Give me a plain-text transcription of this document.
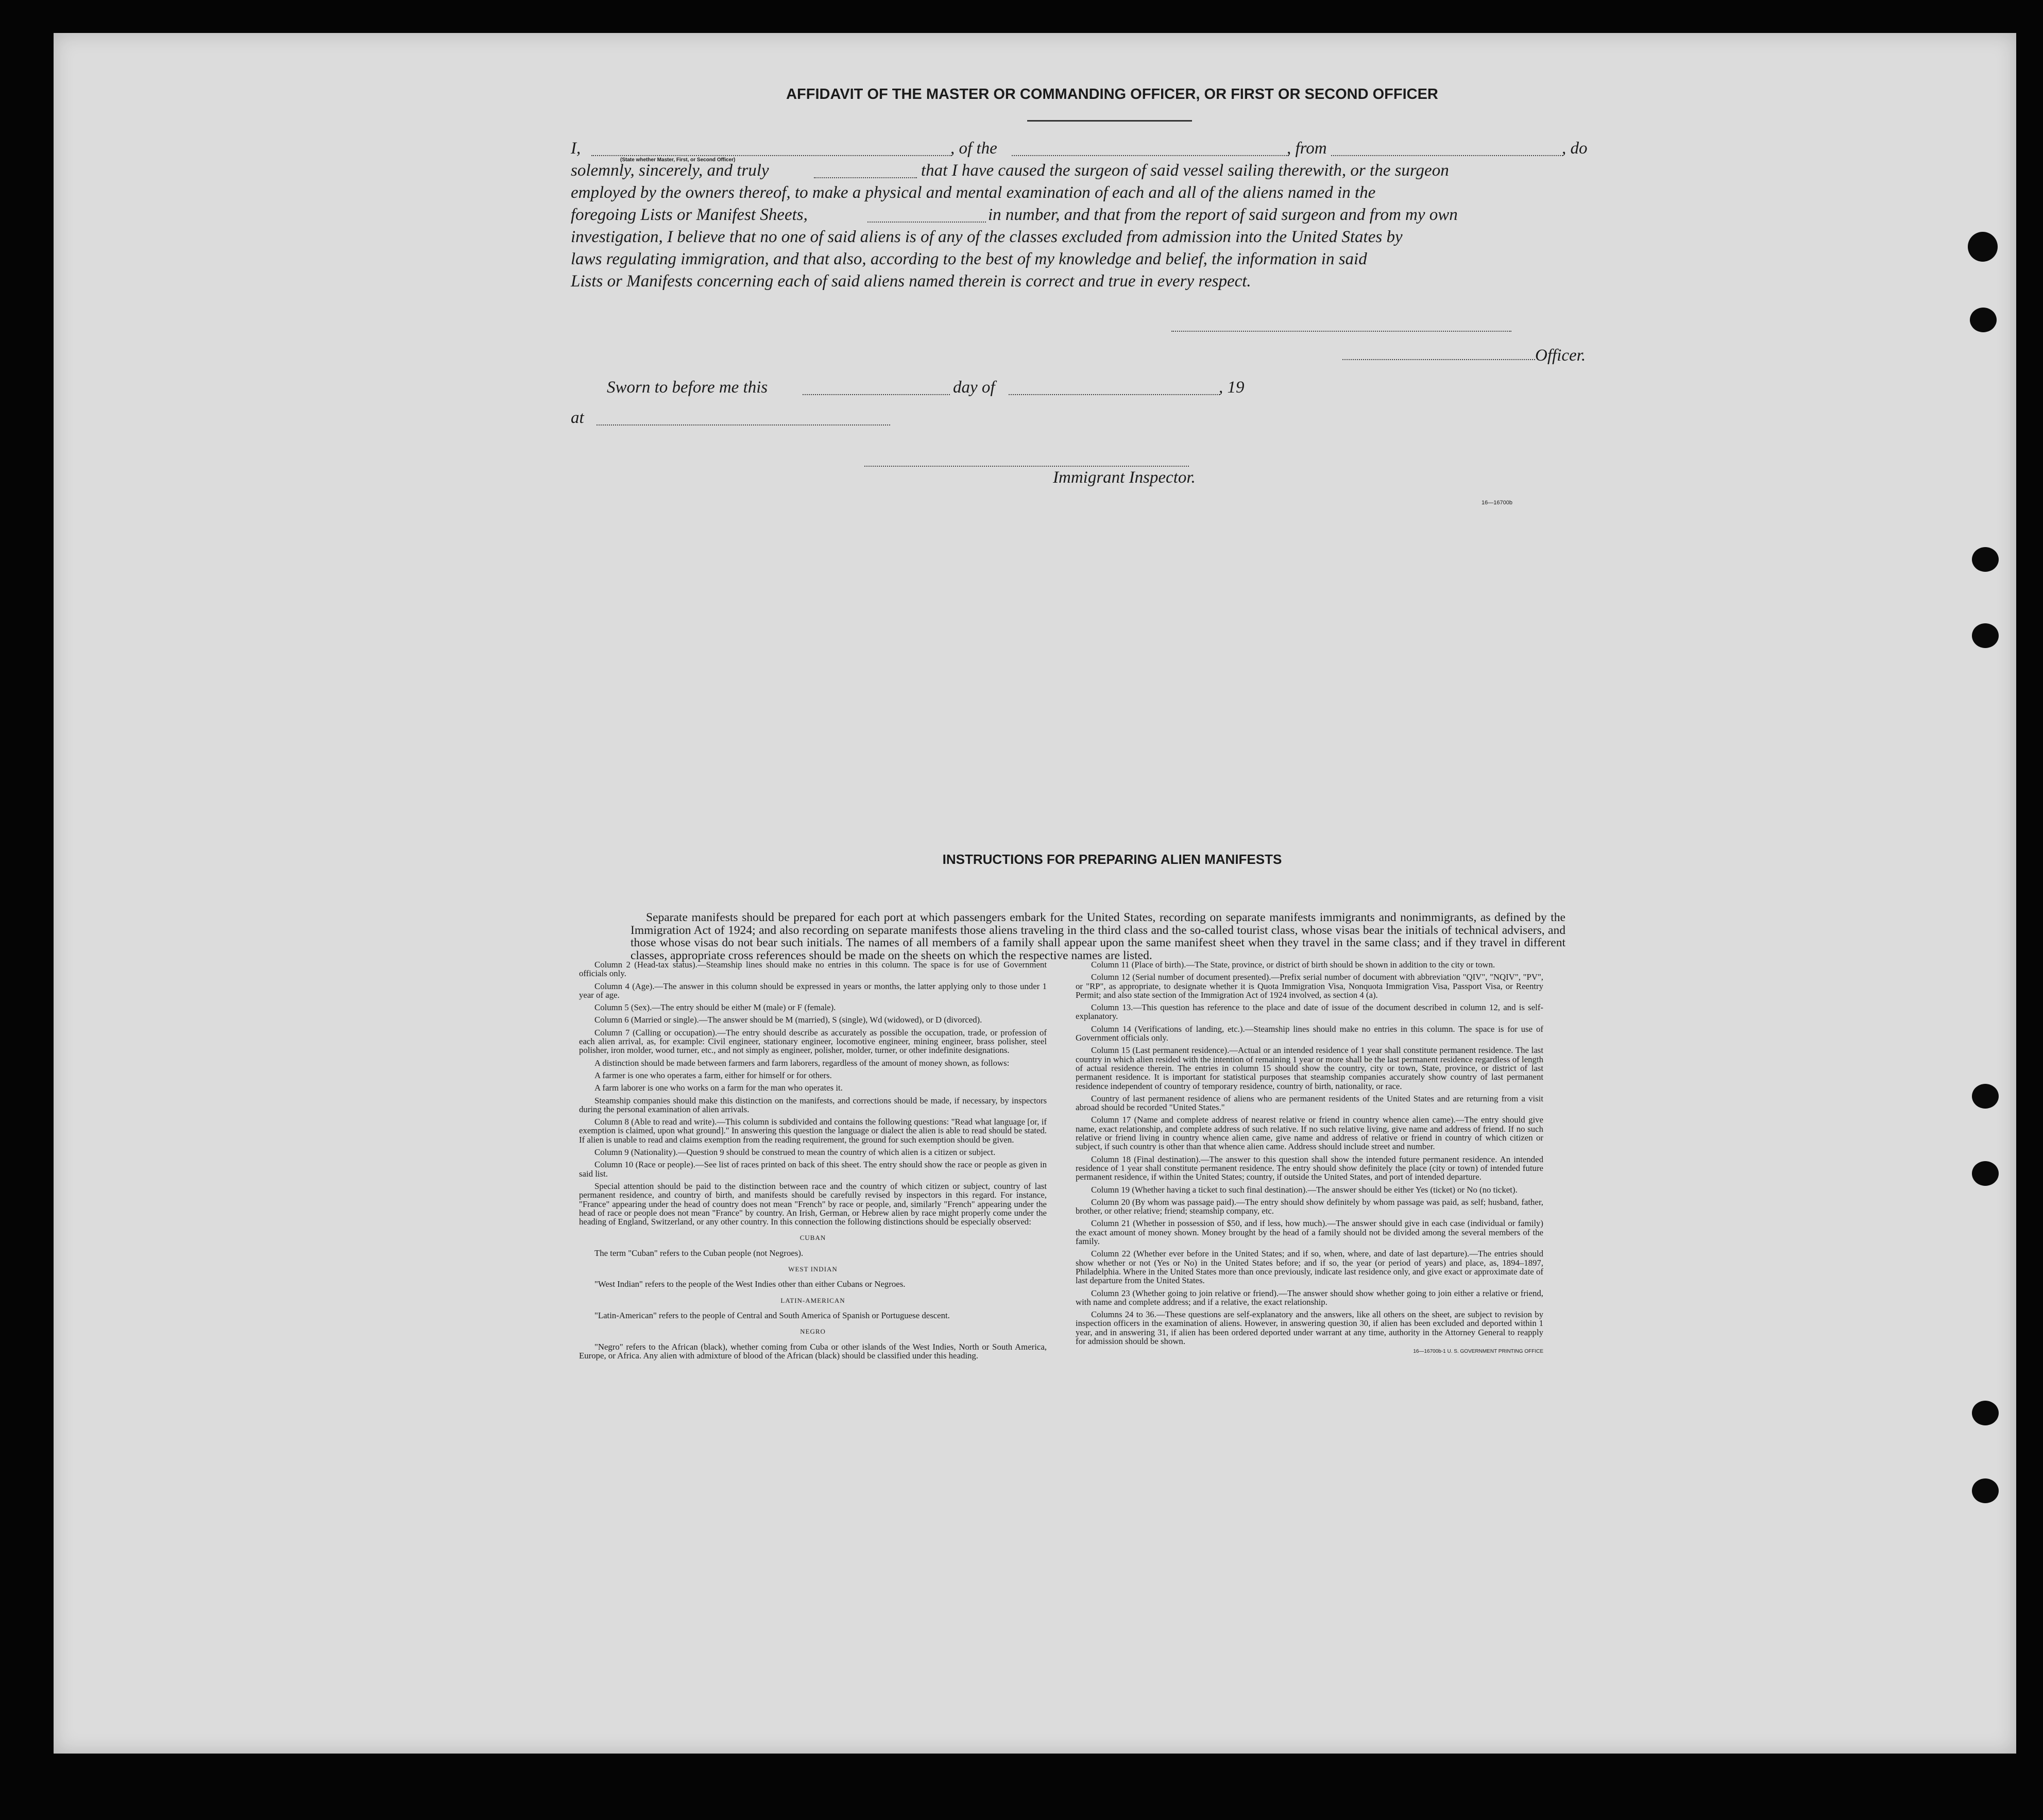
AFFIDAVIT OF THE MASTER OR COMMANDING OFFICER, OR FIRST OR SECOND OFFICER
I,
(State whether Master, First, or Second Officer)
, of the	, from	, do
solemnly, sincerely, and truly	that I have caused the surgeon of said vessel sailing therewith, or the surgeon
employed by the owners thereof, to make a physical and mental examination of each and all of the aliens named in the
foregoing Lists or Manifest Sheets,	in number, and that from the report of said surgeon and from my own
investigation, I believe that no one of said aliens is of any of the classes excluded from admission into the United States by
laws regulating immigration, and that also, according to the best of my knowledge and belief, the information in said
Lists or Manifests concerning each of said aliens named therein is correct and true in every respect.
Officer.
Sworn to before me this	day of	, 19
at
Immigrant Inspector.
16—16700b
INSTRUCTIONS FOR PREPARING ALIEN MANIFESTS
Separate manifests should be prepared for each port at which passengers embark for the United States, recording on separate manifests immigrants and nonimmigrants, as defined by the Immigration Act of 1924; and also recording on separate manifests those aliens traveling in the third class and the so-called tourist class, whose visas bear the initials of technical advisers, and those whose visas do not bear such initials. The names of all members of a family shall appear upon the same manifest sheet when they travel in the same class; and if they travel in different classes, appropriate cross references should be made on the sheets on which the respective names are listed.

Column 2 (Head-tax status).—Steamship lines should make no entries in this column. The space is for use of Government officials only.

Column 4 (Age).—The answer in this column should be expressed in years or months, the latter applying only to those under 1 year of age.

Column 5 (Sex).—The entry should be either M (male) or F (female).

Column 6 (Married or single).—The answer should be M (married), S (single), Wd (widowed), or D (divorced).

Column 7 (Calling or occupation).—The entry should describe as accurately as possible the occupation, trade, or profession of each alien arrival, as, for example: Civil engineer, stationary engineer, locomotive engineer, mining engineer, brass polisher, steel polisher, iron molder, wood turner, etc., and not simply as engineer, polisher, molder, turner, or other indefinite designations.

A distinction should be made between farmers and farm laborers, regardless of the amount of money shown, as follows:

A farmer is one who operates a farm, either for himself or for others.

A farm laborer is one who works on a farm for the man who operates it.

Steamship companies should make this distinction on the manifests, and corrections should be made, if necessary, by inspectors during the personal examination of alien arrivals.

Column 8 (Able to read and write).—This column is subdivided and contains the following questions: "Read what language [or, if exemption is claimed, upon what ground]." In answering this question the language or dialect the alien is able to read should be stated. If alien is unable to read and claims exemption from the reading requirement, the ground for such exemption should be given.

Column 9 (Nationality).—Question 9 should be construed to mean the country of which alien is a citizen or subject.

Column 10 (Race or people).—See list of races printed on back of this sheet. The entry should show the race or people as given in said list.

Special attention should be paid to the distinction between race and the country of which citizen or subject, country of last permanent residence, and country of birth, and manifests should be carefully revised by inspectors in this regard. For instance, "France" appearing under the head of country does not mean "French" by race or people, and, similarly "French" appearing under the head of race or people does not mean "France" by country. An Irish, German, or Hebrew alien by race might properly come under the heading of England, Switzerland, or any other country. In this connection the following distinctions should be especially observed:

CUBAN

The term "Cuban" refers to the Cuban people (not Negroes).

WEST INDIAN

"West Indian" refers to the people of the West Indies other than either Cubans or Negroes.

LATIN-AMERICAN

"Latin-American" refers to the people of Central and South America of Spanish or Portuguese descent.

NEGRO

"Negro" refers to the African (black), whether coming from Cuba or other islands of the West Indies, North or South America, Europe, or Africa. Any alien with admixture of blood of the African (black) should be classified under this heading.

Column 11 (Place of birth).—The State, province, or district of birth should be shown in addition to the city or town.

Column 12 (Serial number of document presented).—Prefix serial number of document with abbreviation "QIV", "NQIV", "PV", or "RP", as appropriate, to designate whether it is Quota Immigration Visa, Nonquota Immigration Visa, Passport Visa, or Reentry Permit; and also state section of the Immigration Act of 1924 involved, as section 4 (a).

Column 13.—This question has reference to the place and date of issue of the document described in column 12, and is self-explanatory.

Column 14 (Verifications of landing, etc.).—Steamship lines should make no entries in this column. The space is for use of Government officials only.

Column 15 (Last permanent residence).—Actual or an intended residence of 1 year shall constitute permanent residence. The last country in which alien resided with the intention of remaining 1 year or more shall be the last permanent residence regardless of length of actual residence therein. The entries in column 15 should show the country, city or town, State, province, or district of last permanent residence. It is important for statistical purposes that steamship companies accurately show country of last permanent residence independent of country of temporary residence, country of birth, nationality, or race.

Country of last permanent residence of aliens who are permanent residents of the United States and are returning from a visit abroad should be recorded "United States."

Column 17 (Name and complete address of nearest relative or friend in country whence alien came).—The entry should give name, exact relationship, and complete address of such relative. If no such relative living, give name and address of friend. If no such relative or friend living in country whence alien came, give name and address of relative or friend in country of which citizen or subject, if such country is other than that whence alien came. Address should include street and number.

Column 18 (Final destination).—The answer to this question shall show the intended future permanent residence. An intended residence of 1 year shall constitute permanent residence. The entry should show definitely the place (city or town) of intended future permanent residence, if within the United States; country, if outside the United States, and port of intended departure.

Column 19 (Whether having a ticket to such final destination).—The answer should be either Yes (ticket) or No (no ticket).

Column 20 (By whom was passage paid).—The entry should show definitely by whom passage was paid, as self; husband, father, brother, or other relative; friend; steamship company, etc.

Column 21 (Whether in possession of $50, and if less, how much).—The answer should give in each case (individual or family) the exact amount of money shown. Money brought by the head of a family should not be divided among the several members of the family.

Column 22 (Whether ever before in the United States; and if so, when, where, and date of last departure).—The entries should show whether or not (Yes or No) in the United States before; and if so, the year (or period of years) and place, as, 1894–1897, Philadelphia. Where in the United States more than once previously, indicate last residence only, and give exact or approximate date of last departure from the United States.

Column 23 (Whether going to join relative or friend).—The answer should show whether going to join either a relative or friend, with name and complete address; and if a relative, the exact relationship.

Columns 24 to 36.—These questions are self-explanatory and the answers, like all others on the sheet, are subject to revision by inspection officers in the examination of aliens. However, in answering question 30, if alien has been excluded and deported within 1 year, and in answering 31, if alien has been ordered deported under warrant at any time, authority in the Attorney General to reapply for admission should be shown.

16—16700b-1 U. S. GOVERNMENT PRINTING OFFICE
